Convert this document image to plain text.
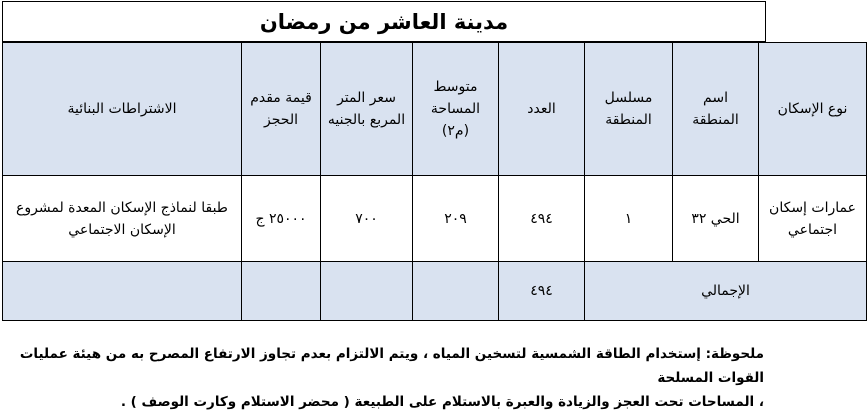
مدينة العاشر من رمضان
نوع الإسكان	اسم المنطقة	مسلسل المنطقة	العدد	متوسط المساحة (م٢)	سعر المتر المربع بالجنيه	قيمة مقدم الحجز	الاشتراطات البنائية
عمارات إسكان اجتماعي	الحي ٣٢	١	٤٩٤	٢٠٩	٧٠٠	٢٥٠٠٠ ج	طبقا لنماذج الإسكان المعدة لمشروع الإسكان الاجتماعي
الإجمالي			٤٩٤				

ملحوظة: إستخدام الطاقة الشمسية لتسخين المياه ، ويتم الالتزام بعدم تجاوز الارتفاع المصرح به من هيئة عمليات القوات المسلحة

، المساحات تحت العجز والزيادة والعبرة بالاستلام على الطبيعة ( محضر الاستلام وكارت الوصف ) .
